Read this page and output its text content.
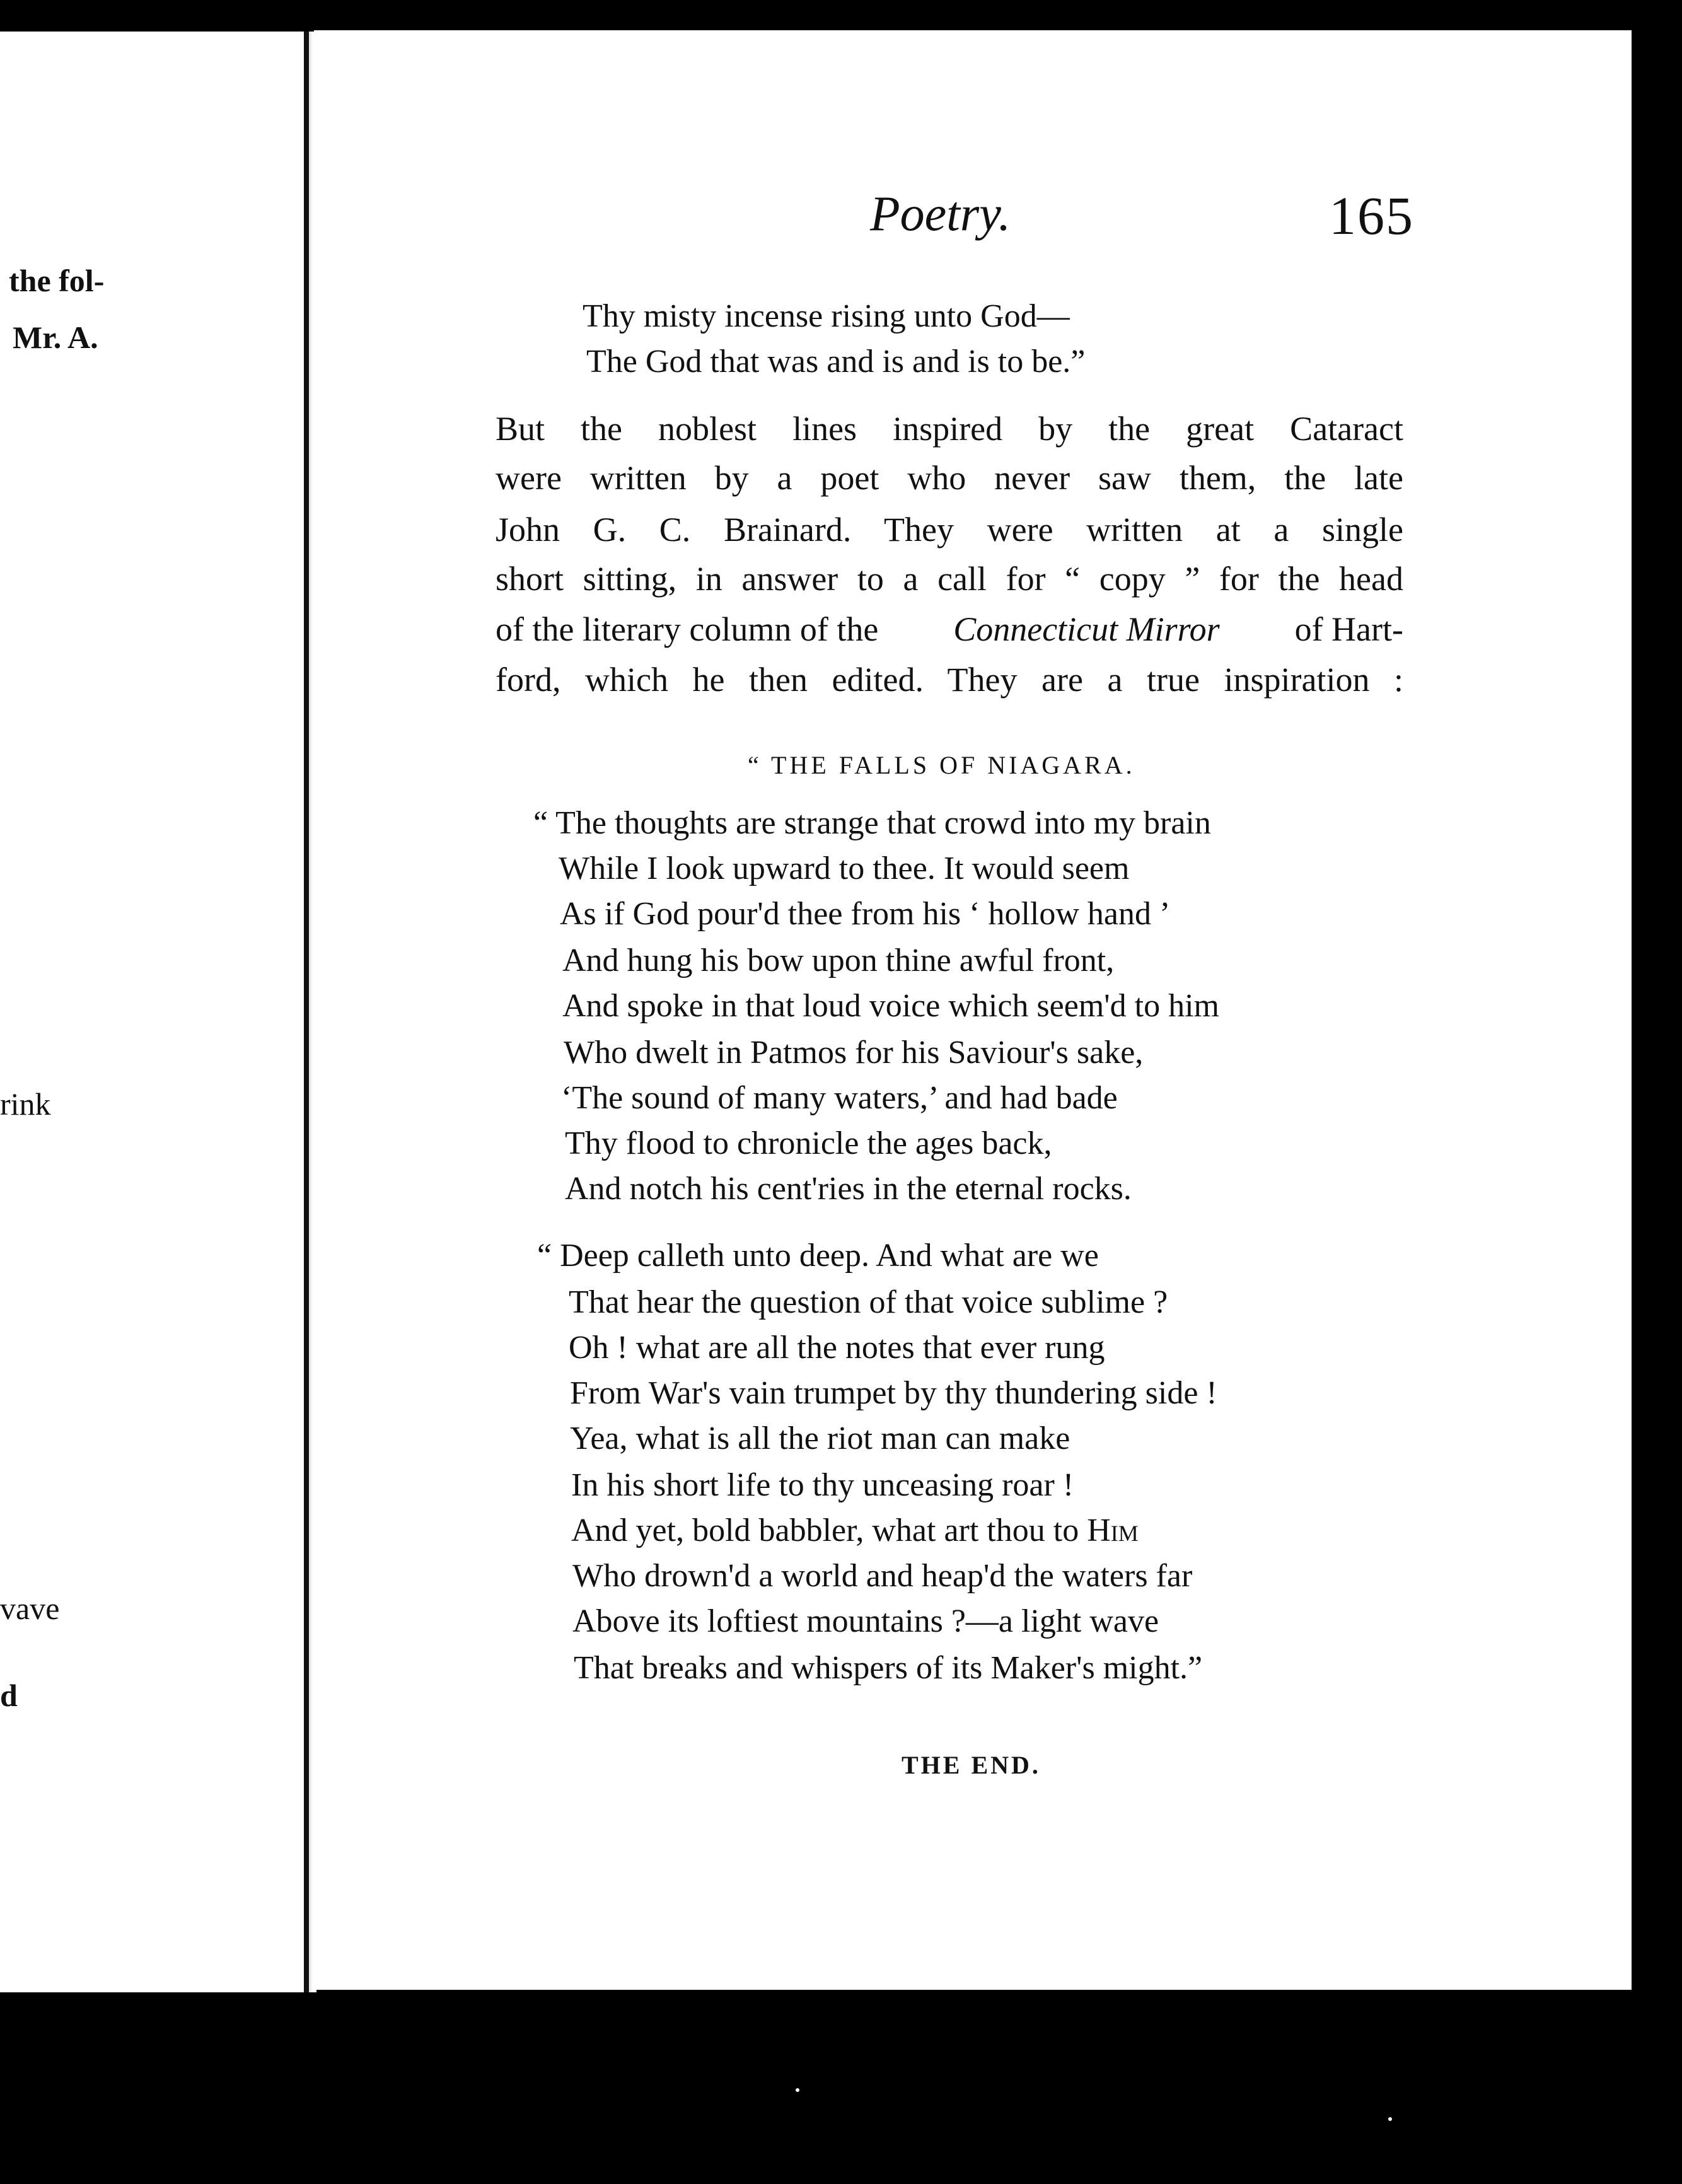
the fol-
Mr. A.
rink
vave
d
Poetry.	165
Thy misty incense rising unto God—
The God that was and is and is to be.”
But the noblest lines inspired by the great Cataract
were written by a poet who never saw them, the late
John G. C. Brainard. They were written at a single
short sitting, in answer to a call for “ copy ” for the head
of the literary column of the Connecticut Mirror of Hart-
ford, which he then edited. They are a true inspiration :
“ THE FALLS OF NIAGARA.
“ The thoughts are strange that crowd into my brain
While I look upward to thee. It would seem
As if God pour'd thee from his ‘ hollow hand ’
And hung his bow upon thine awful front,
And spoke in that loud voice which seem'd to him
Who dwelt in Patmos for his Saviour's sake,
‘The sound of many waters,’ and had bade
Thy flood to chronicle the ages back,
And notch his cent'ries in the eternal rocks.
“ Deep calleth unto deep. And what are we
That hear the question of that voice sublime ?
Oh ! what are all the notes that ever rung
From War's vain trumpet by thy thundering side !
Yea, what is all the riot man can make
In his short life to thy unceasing roar !
And yet, bold babbler, what art thou to Him
Who drown'd a world and heap'd the waters far
Above its loftiest mountains ?—a light wave
That breaks and whispers of its Maker's might.”
THE END.
